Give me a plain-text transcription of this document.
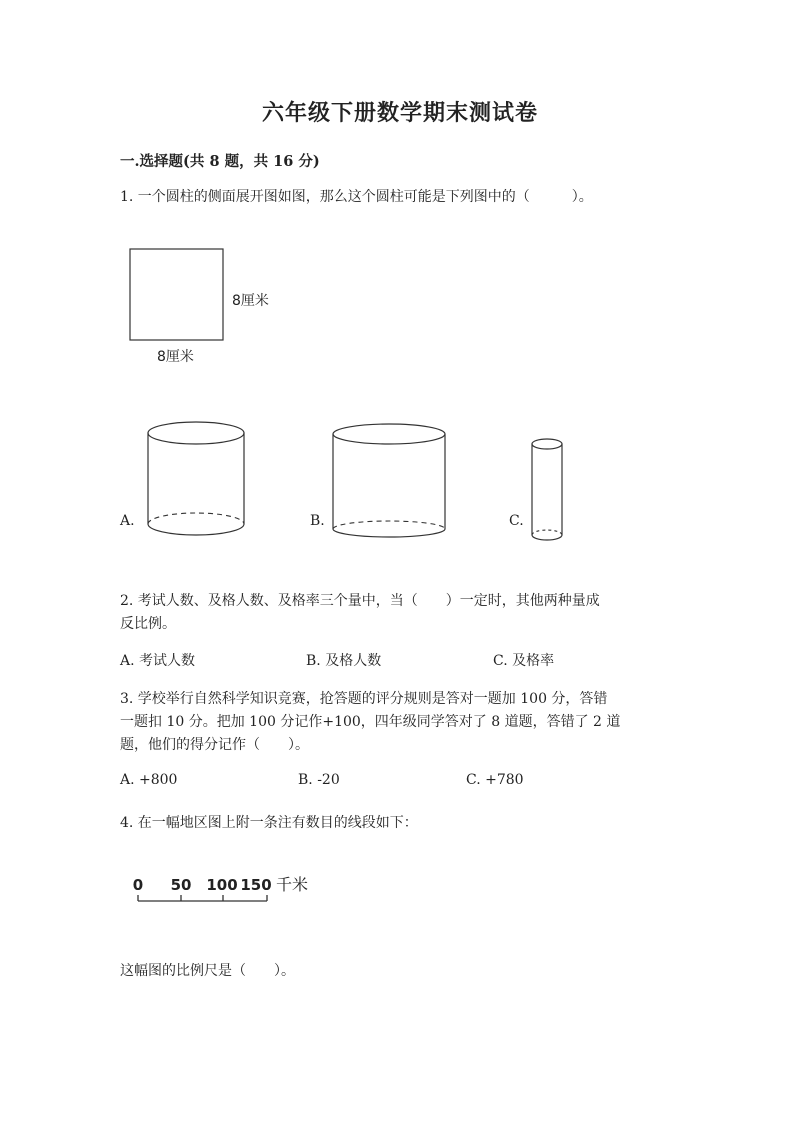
六年级下册数学期末测试卷
一.选择题(共 8 题，共 16 分)
1. 一个圆柱的侧面展开图如图，那么这个圆柱可能是下列图中的（　　　）。
8厘米
8厘米
A.	B.	C.
2. 考试人数、及格人数、及格率三个量中，当（　　）一定时，其他两种量成
反比例。
A. 考试人数	B. 及格人数	C. 及格率
3. 学校举行自然科学知识竞赛，抢答题的评分规则是答对一题加 100 分，答错
一题扣 10 分。把加 100 分记作+100，四年级同学答对了 8 道题，答错了 2 道
题，他们的得分记作（　　）。
A. +800	B. -20	C. +780
4. 在一幅地区图上附一条注有数目的线段如下：
0 50 100 150 千米
这幅图的比例尺是（　　）。
